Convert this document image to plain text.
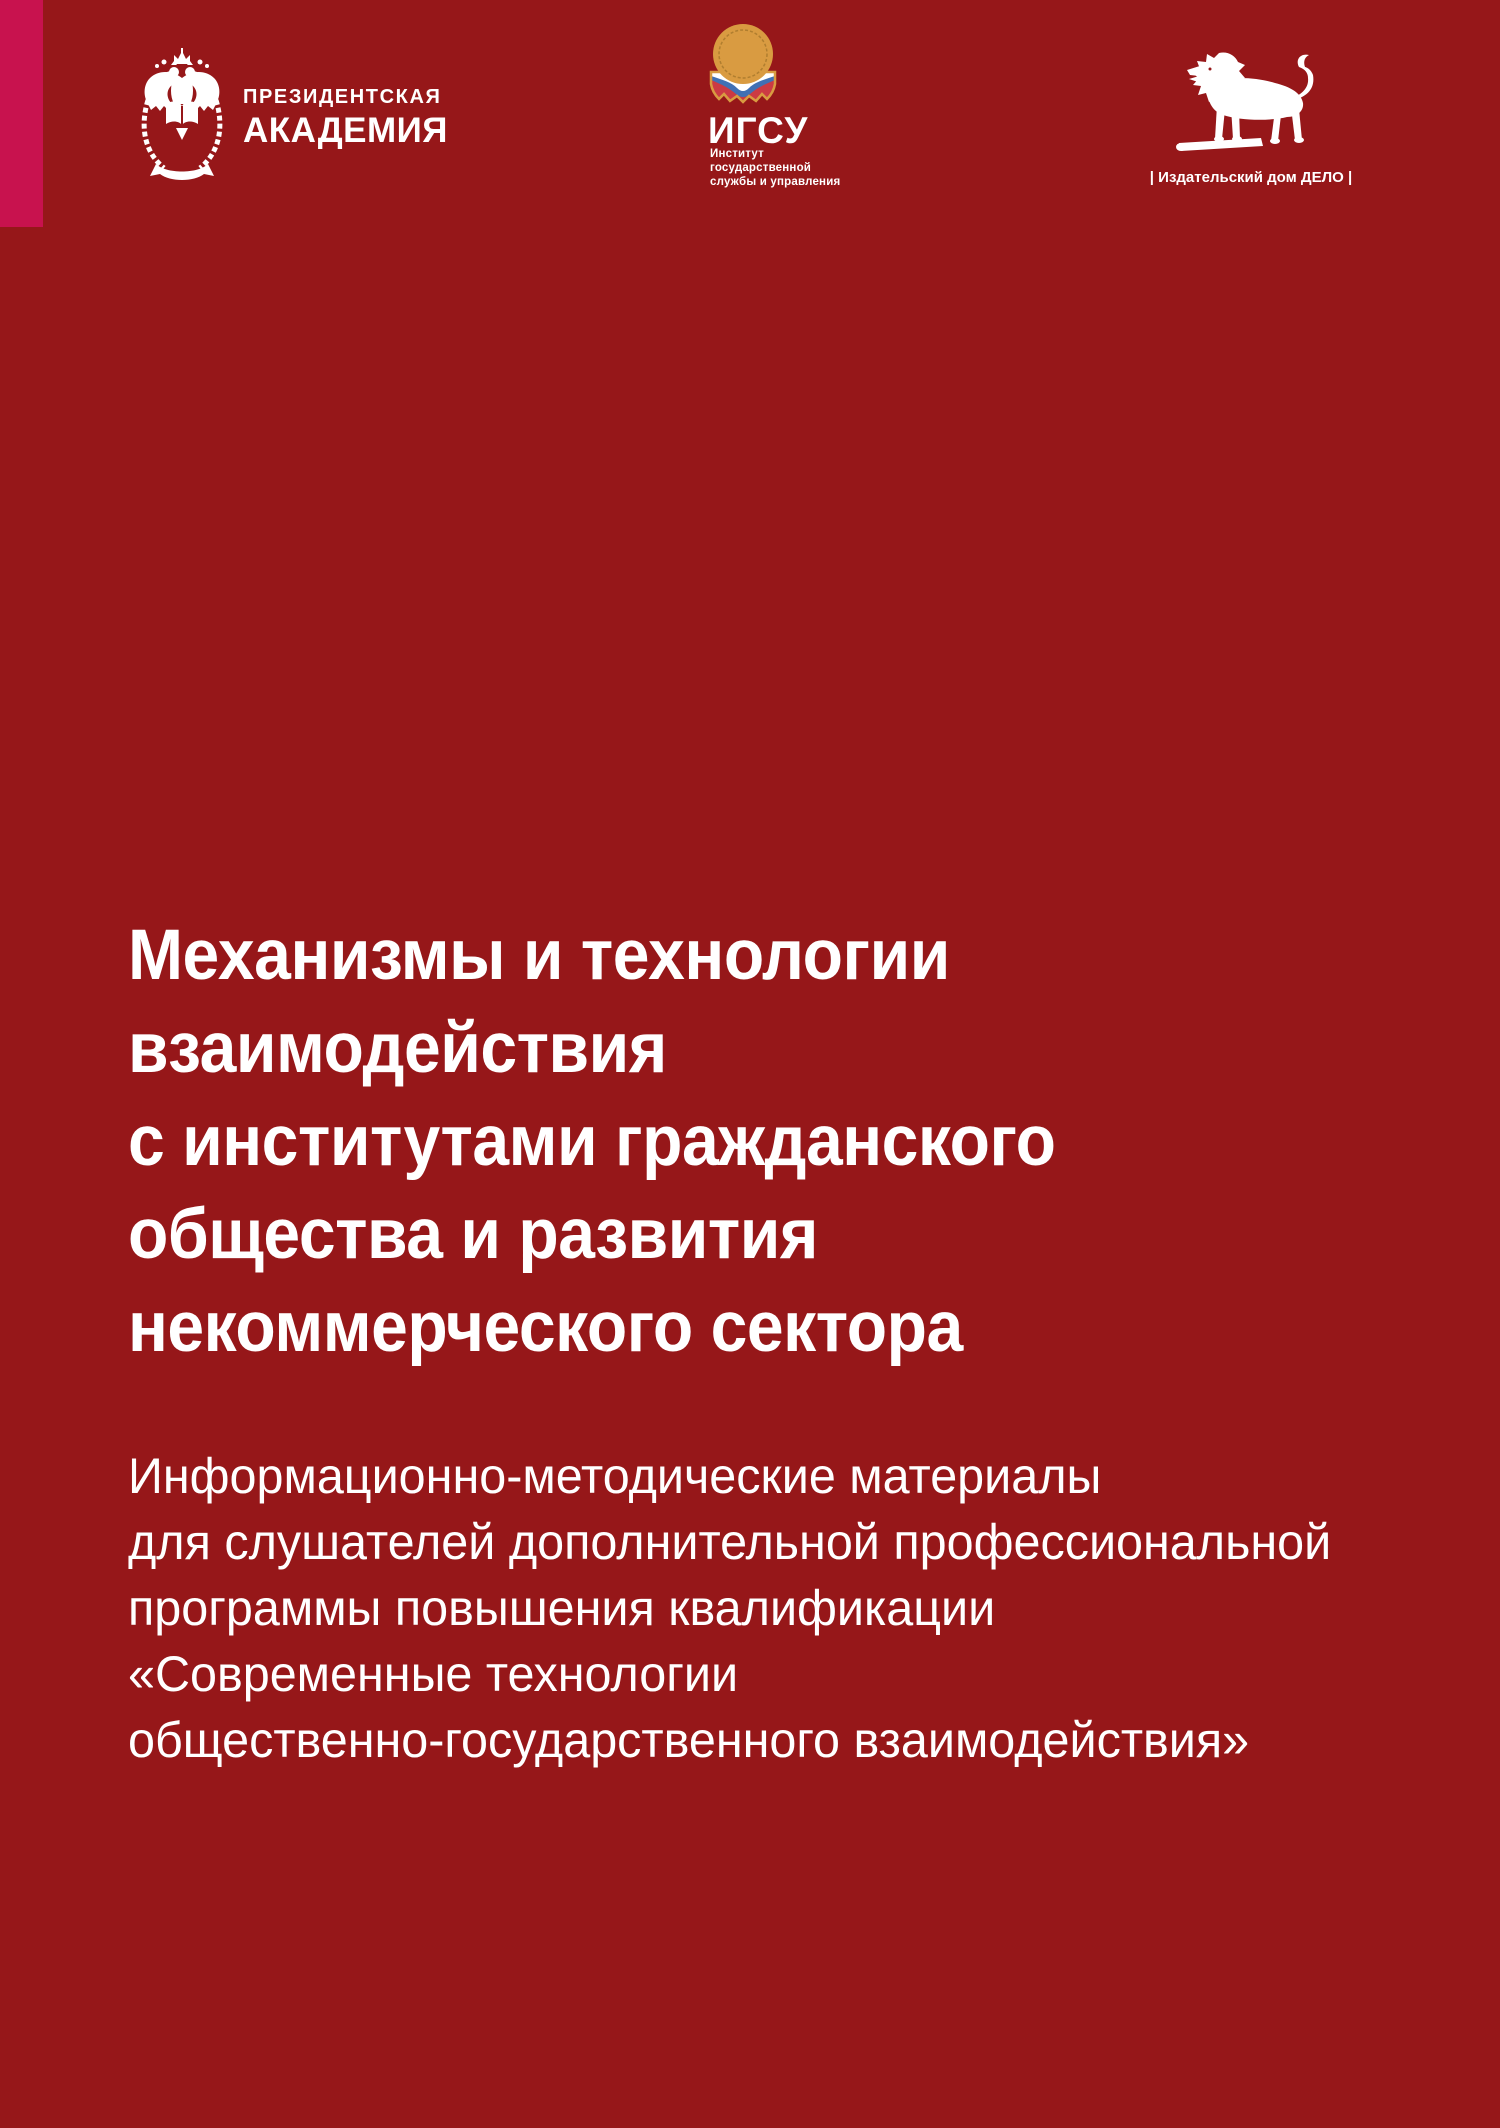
ПРЕЗИДЕНТСКАЯ
АКАДЕМИЯ	ИГСУ
Институт
государственной
службы и управления	| Издательский дом ДЕЛО |
Механизмы и технологии
взаимодействия
с институтами гражданского
общества и развития
некоммерческого сектора
Информационно-методические материалы
для слушателей дополнительной профессиональной
программы повышения квалификации
«Современные технологии
общественно-государственного взаимодействия»
